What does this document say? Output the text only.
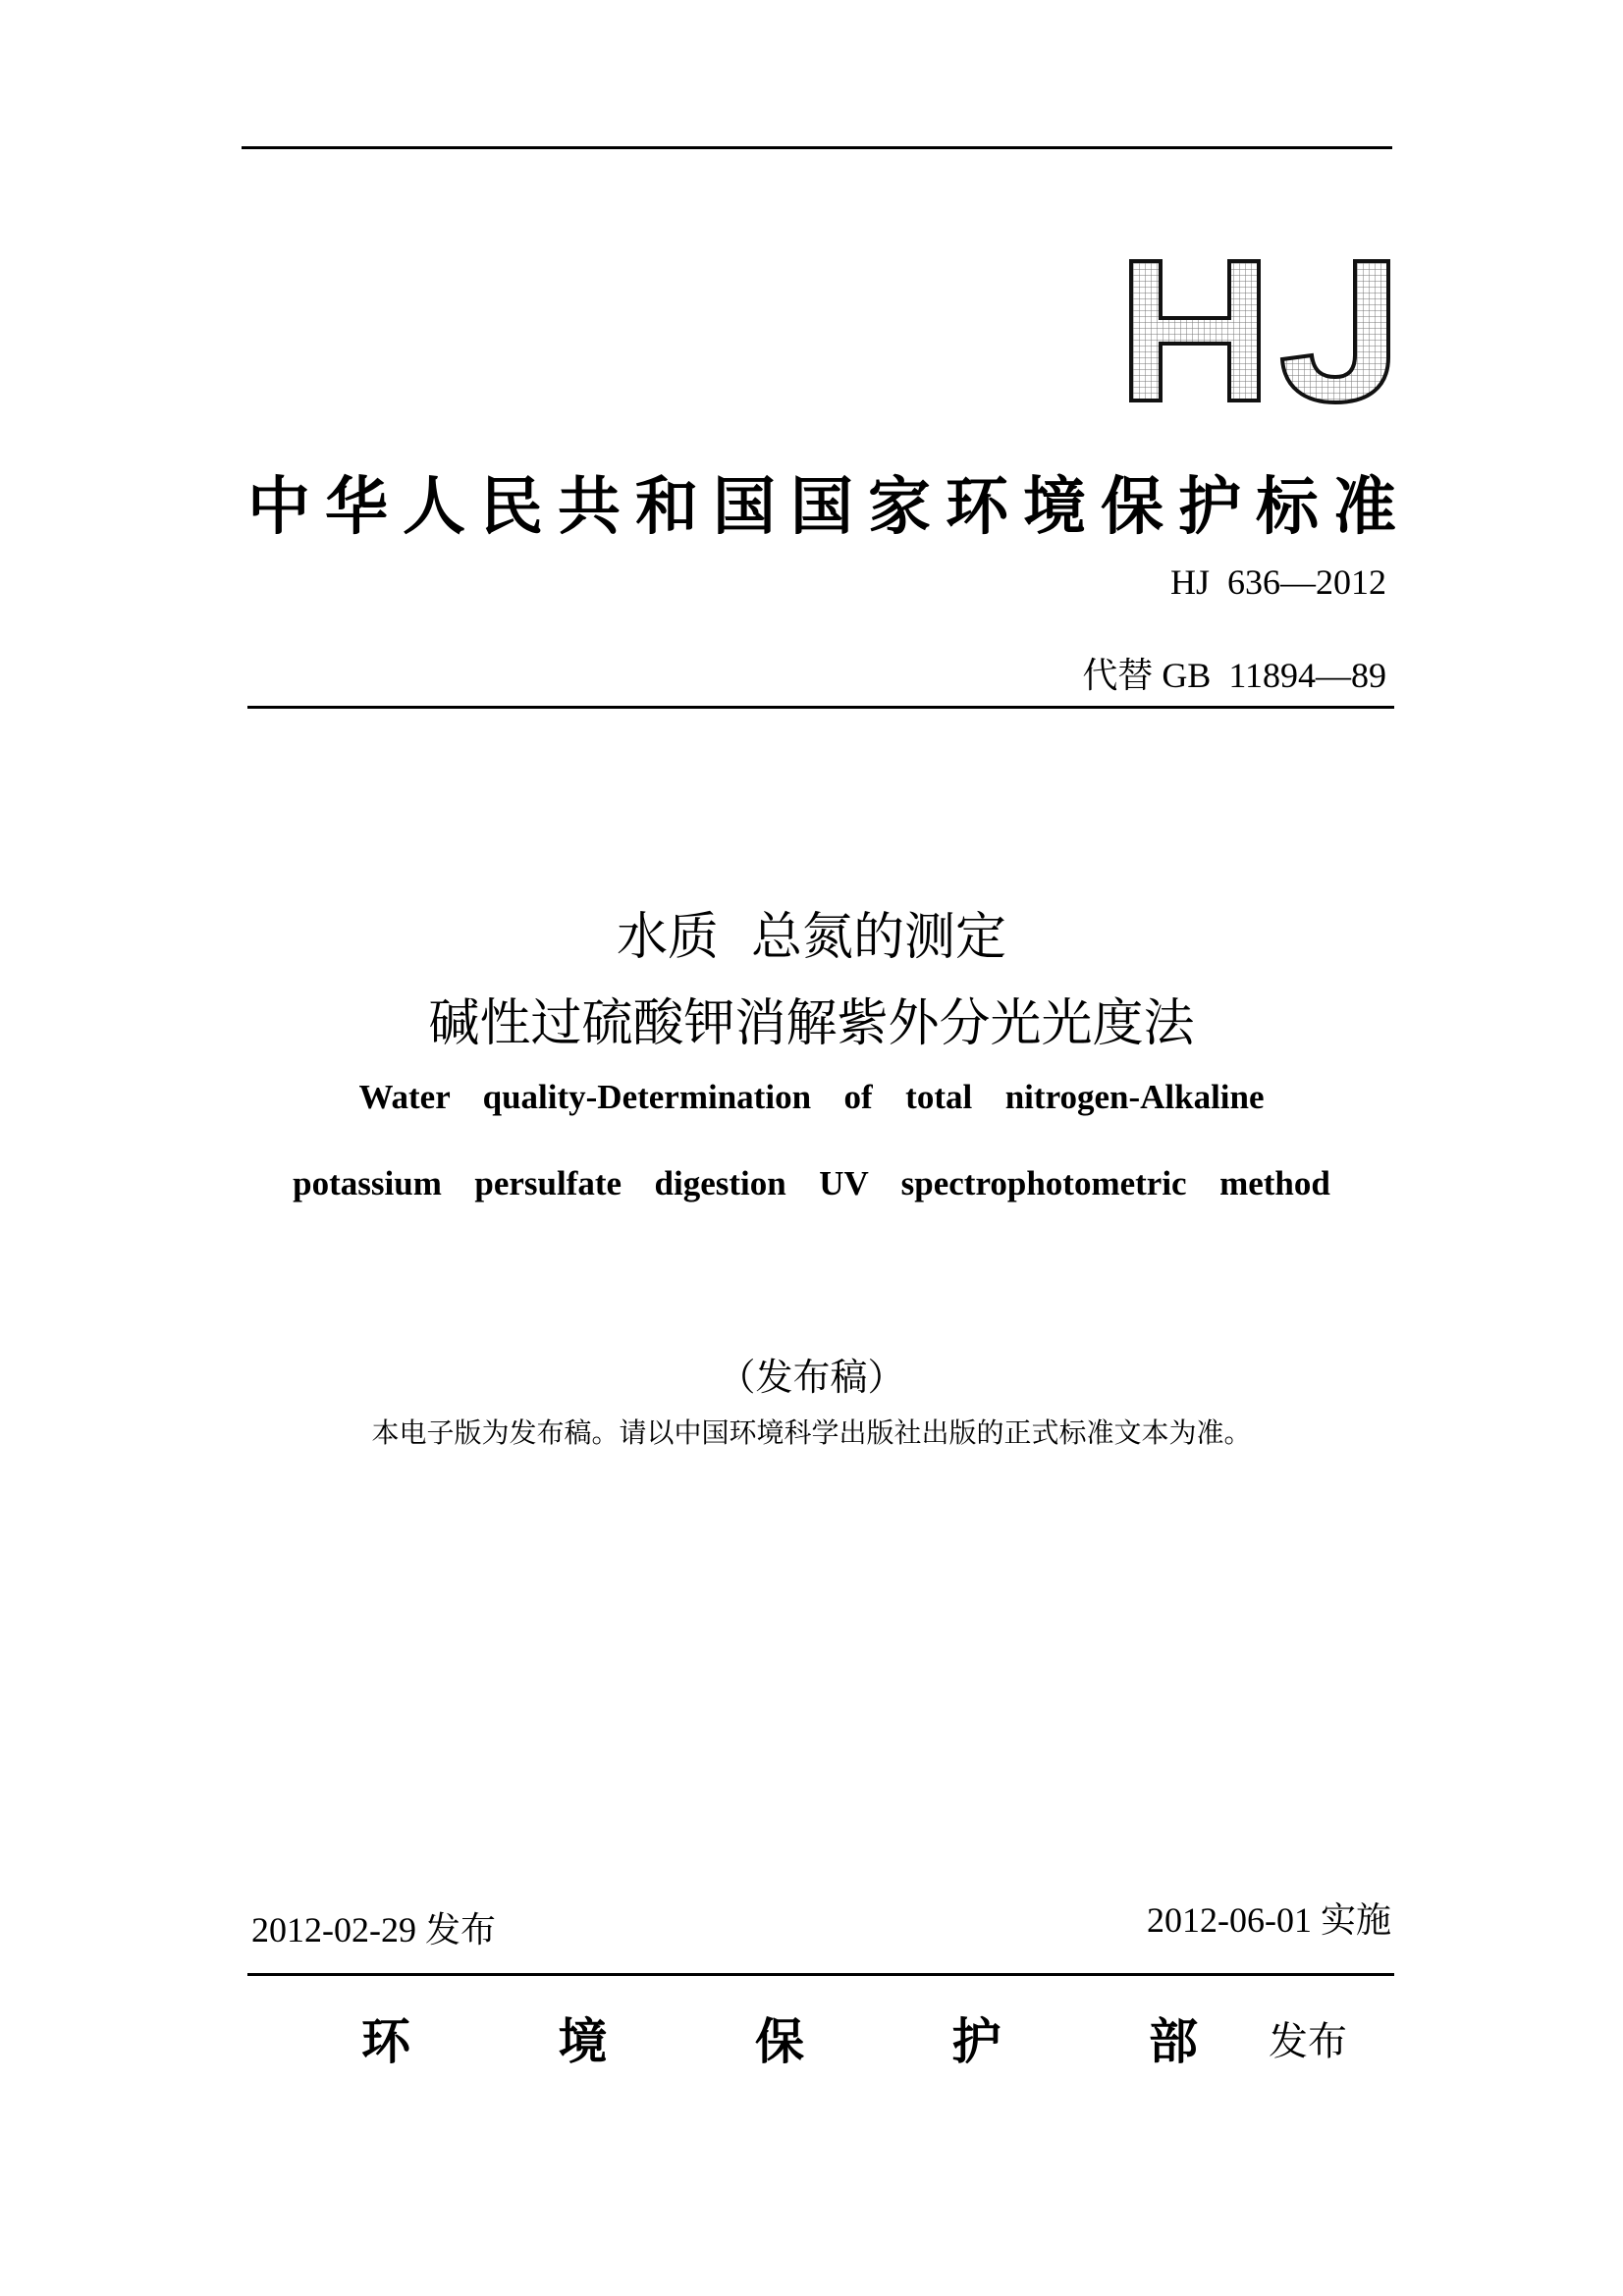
HJ
中华人民共和国国家环境保护标准
HJ  636—2012
代替 GB  11894—89
水质  总氮的测定
碱性过硫酸钾消解紫外分光光度法
Water  quality-Determination  of  total  nitrogen-Alkaline
potassium  persulfate  digestion  UV  spectrophotometric  method
（发布稿）
本电子版为发布稿。请以中国环境科学出版社出版的正式标准文本为准。
2012-02-29 发布	2012-06-01 实施
环	境	保	护	部 发布
